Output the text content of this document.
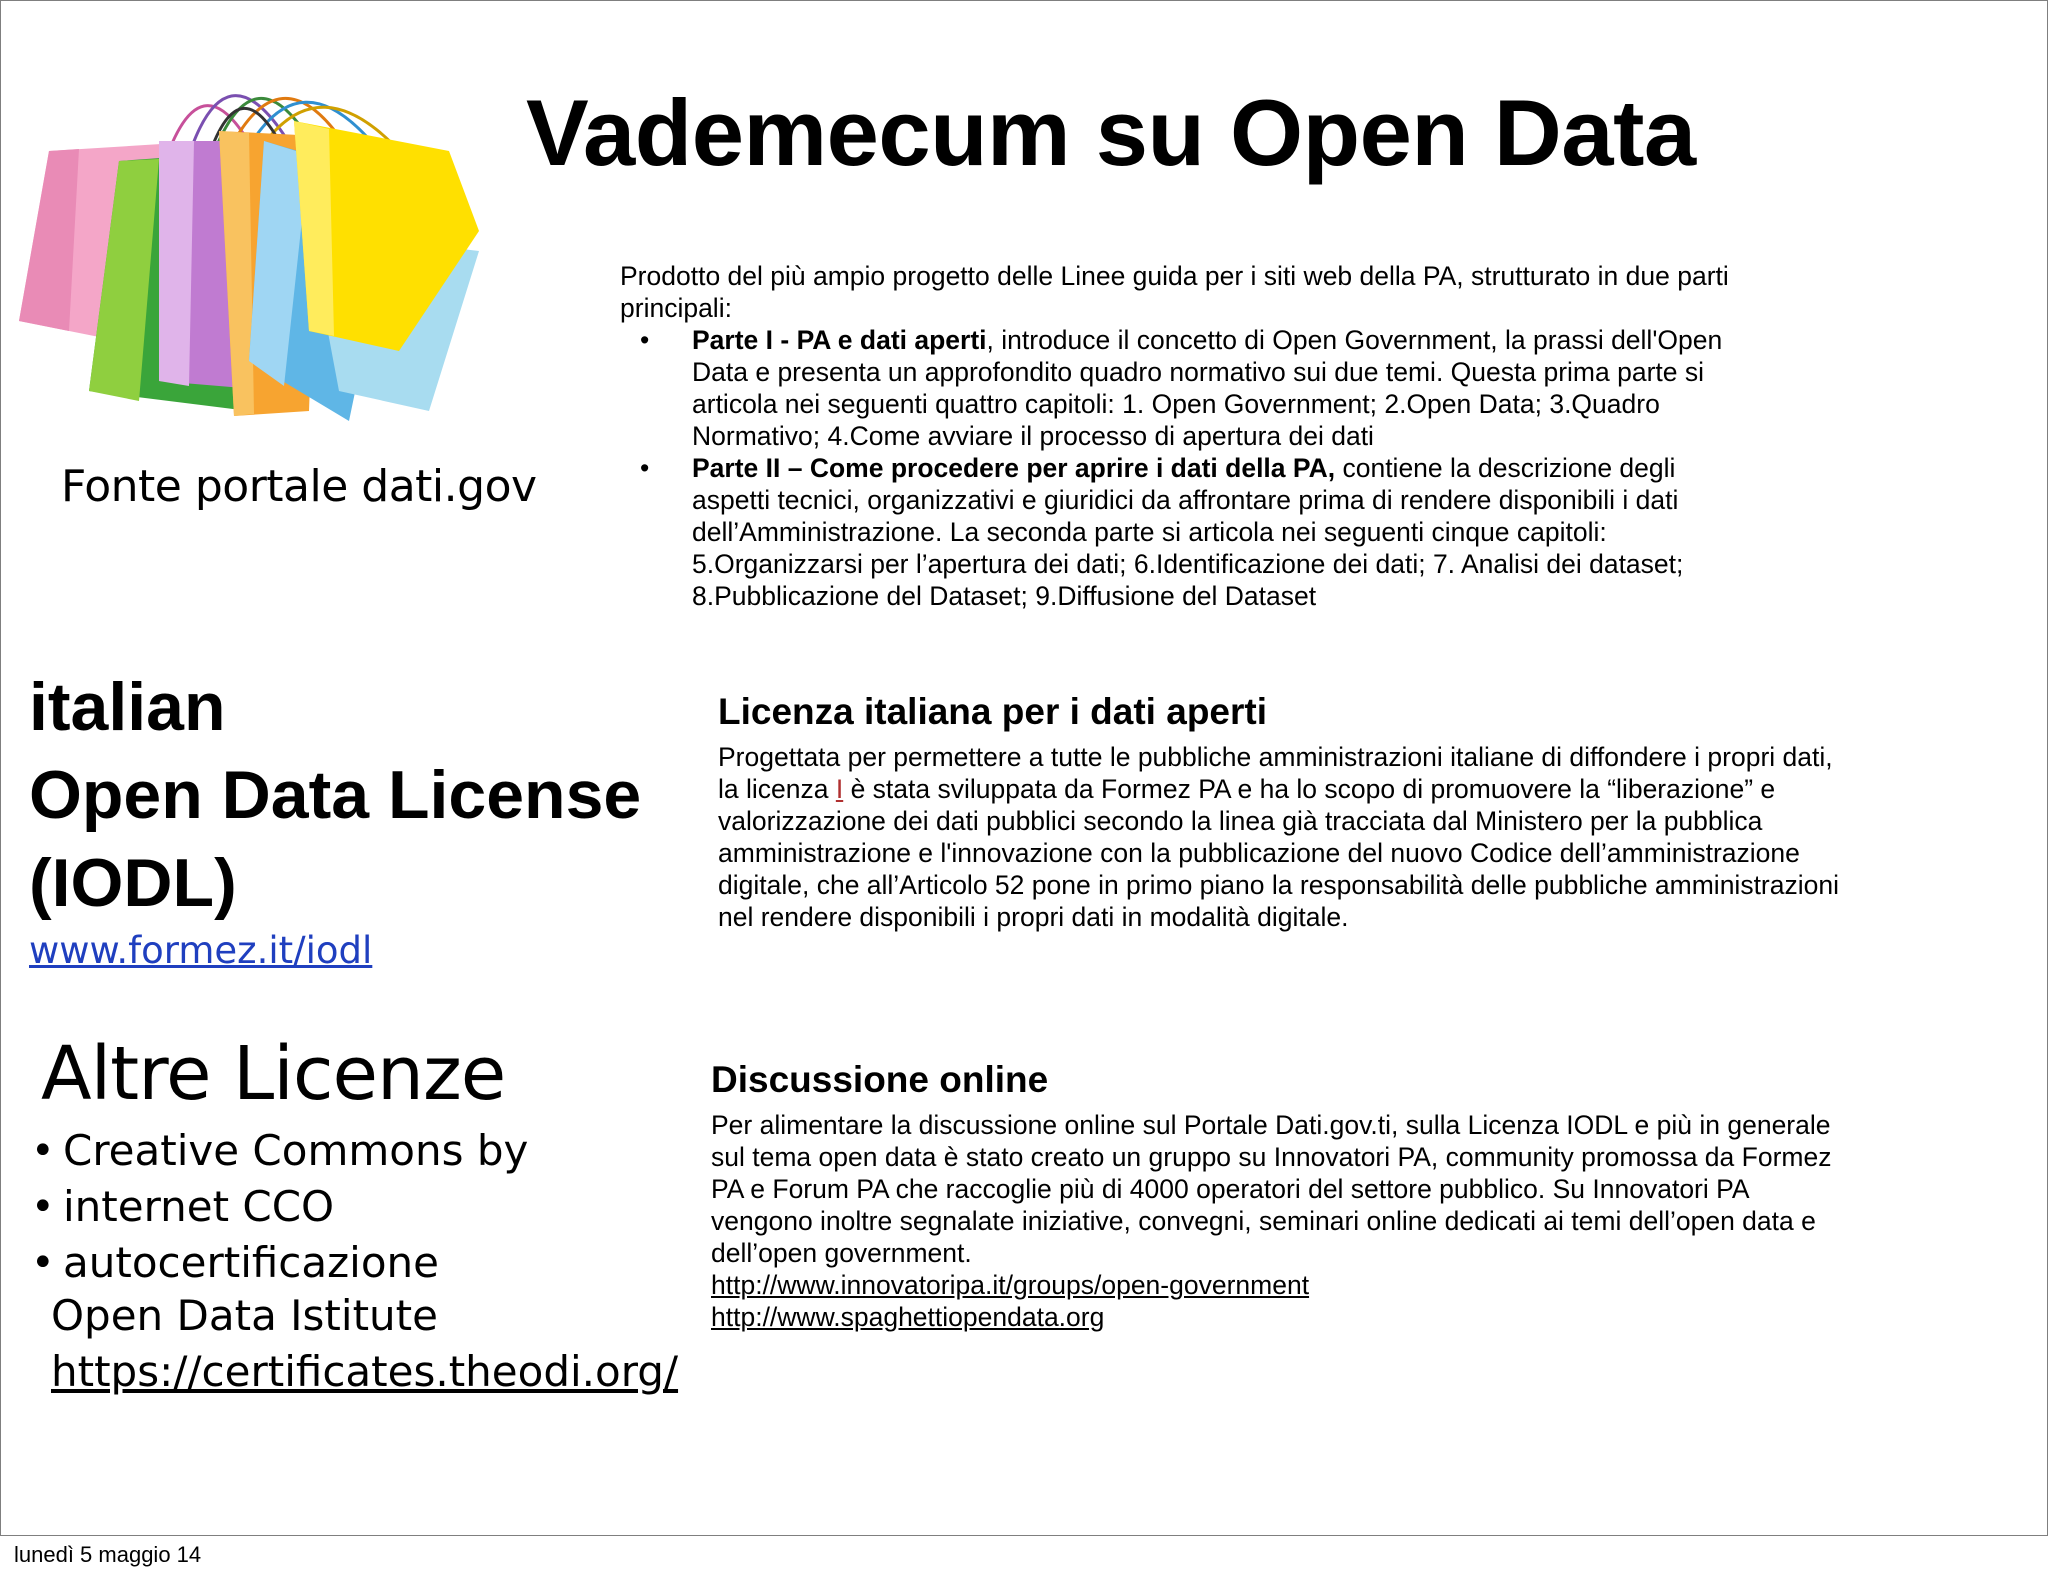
Vademecum su Open Data
Fonte portale dati.gov
Prodotto del più ampio progetto delle Linee guida per i siti web della PA, strutturato in due parti principali:
• Parte I - PA e dati aperti, introduce il concetto di Open Government, la prassi dell'Open Data e presenta un approfondito quadro normativo sui due temi. Questa prima parte si articola nei seguenti quattro capitoli: 1. Open Government; 2.Open Data; 3.Quadro Normativo; 4.Come avviare il processo di apertura dei dati
• Parte II – Come procedere per aprire i dati della PA, contiene la descrizione degli aspetti tecnici, organizzativi e giuridici da affrontare prima di rendere disponibili i dati dell’Amministrazione. La seconda parte si articola nei seguenti cinque capitoli: 5.Organizzarsi per l’apertura dei dati; 6.Identificazione dei dati; 7. Analisi dei dataset; 8.Pubblicazione del Dataset; 9.Diffusione del Dataset
italian
Open Data License
(IODL)
www.formez.it/iodl
Licenza italiana per i dati aperti
Progettata per permettere a tutte le pubbliche amministrazioni italiane di diffondere i propri dati, la licenza I è stata sviluppata da Formez PA e ha lo scopo di promuovere la “liberazione” e valorizzazione dei dati pubblici secondo la linea già tracciata dal Ministero per la pubblica amministrazione e l'innovazione con la pubblicazione del nuovo Codice dell’amministrazione digitale, che all’Articolo 52 pone in primo piano la responsabilità delle pubbliche amministrazioni nel rendere disponibili i propri dati in modalità digitale.
Altre Licenze
• Creative Commons by
• internet CCO
• autocertificazione
Open Data Istitute
https://certificates.theodi.org/
Discussione online
Per alimentare la discussione online sul Portale Dati.gov.ti, sulla Licenza IODL e più in generale sul tema open data è stato creato un gruppo su Innovatori PA, community promossa da Formez PA e Forum PA che raccoglie più di 4000 operatori del settore pubblico. Su Innovatori PA vengono inoltre segnalate iniziative, convegni, seminari online dedicati ai temi dell’open data e dell’open government.
http://www.innovatoripa.it/groups/open-government
http://www.spaghettiopendata.org
lunedì 5 maggio 14
